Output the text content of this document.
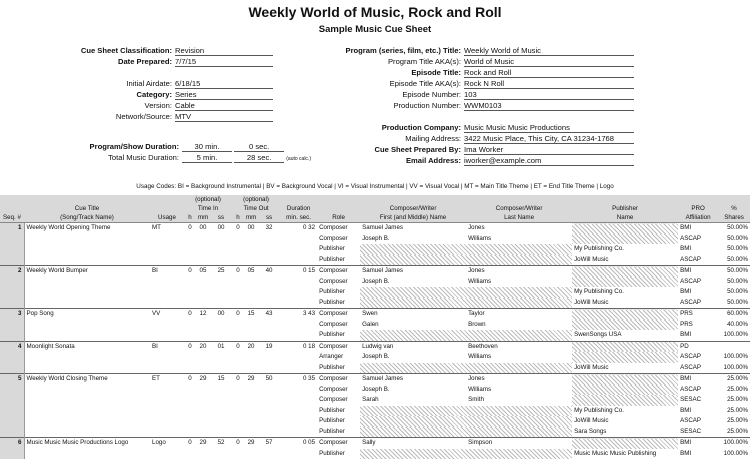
Weekly World of Music, Rock and Roll
Sample Music Cue Sheet
Cue Sheet Classification: Revision
Date Prepared: 7/7/15
Initial Airdate: 6/18/15
Category: Series
Version: Cable
Network/Source: MTV
Program (series, film, etc.) Title: Weekly World of Music
Program Title AKA(s): World of Music
Episode Title: Rock and Roll
Episode Title AKA(s): Rock N Roll
Episode Number: 103
Production Number: WWM0103
Production Company: Music Music Music Productions
Mailing Address: 3422 Music Place, This City, CA 31234-1768
Cue Sheet Prepared By: Ima Worker
Email Address: iworker@example.com
Program/Show Duration: 30 min.	0 sec.
Total Music Duration: 5 min.	28 sec.	(auto calc.)
Usage Codes: BI = Background Instrumental | BV = Background Vocal | VI = Visual Instrumental | VV = Visual Vocal | MT = Main Title Theme | ET = End Title Theme | Logo
			(optional)			(optional)									
	Cue Title		Time In			Time Out			Duration		Composer/Writer	Composer/Writer	Publisher	PRO	%
Seq. #	(Song/Track Name)	Usage	h	mm	ss	h	mm	ss	min. sec.	Role	First (and Middle) Name	Last Name	Name	Affiliation	Shares
1	Weekly World Opening Theme	MT	0	00	00	0	00	32	0 32	Composer	Samuel James	Jones		BMI	50.00%
										Composer	Joseph B.	Williams		ASCAP	50.00%
										Publisher			My Publishing Co.	BMI	50.00%
										Publisher			JoWill Music	ASCAP	50.00%
2	Weekly World Bumper	BI	0	05	25	0	05	40	0 15	Composer	Samuel James	Jones		BMI	50.00%
										Composer	Joseph B.	Williams		ASCAP	50.00%
										Publisher			My Publishing Co.	BMI	50.00%
										Publisher			JoWill Music	ASCAP	50.00%
3	Pop Song	VV	0	12	00	0	15	43	3 43	Composer	Swen	Taylor		PRS	60.00%
										Composer	Galen	Brown		PRS	40.00%
										Publisher			SwenSongs USA	BMI	100.00%
4	Moonlight Sonata	BI	0	20	01	0	20	19	0 18	Composer	Ludwig van	Beethoven		PD	
										Arranger	Joseph B.	Williams		ASCAP	100.00%
										Publisher			JoWill Music	ASCAP	100.00%
5	Weekly World Closing Theme	ET	0	29	15	0	29	50	0 35	Composer	Samuel James	Jones		BMI	25.00%
										Composer	Joseph B.	Williams		ASCAP	25.00%
										Composer	Sarah	Smith		SESAC	25.00%
										Publisher			My Publishing Co.	BMI	25.00%
										Publisher			JoWill Music	ASCAP	25.00%
										Publisher			Sara Songs	SESAC	25.00%
6	Music Music Music Productions Logo	Logo	0	29	52	0	29	57	0 05	Composer	Sally	Simpson		BMI	100.00%
										Publisher			Music Music Music Publishing	BMI	100.00%
